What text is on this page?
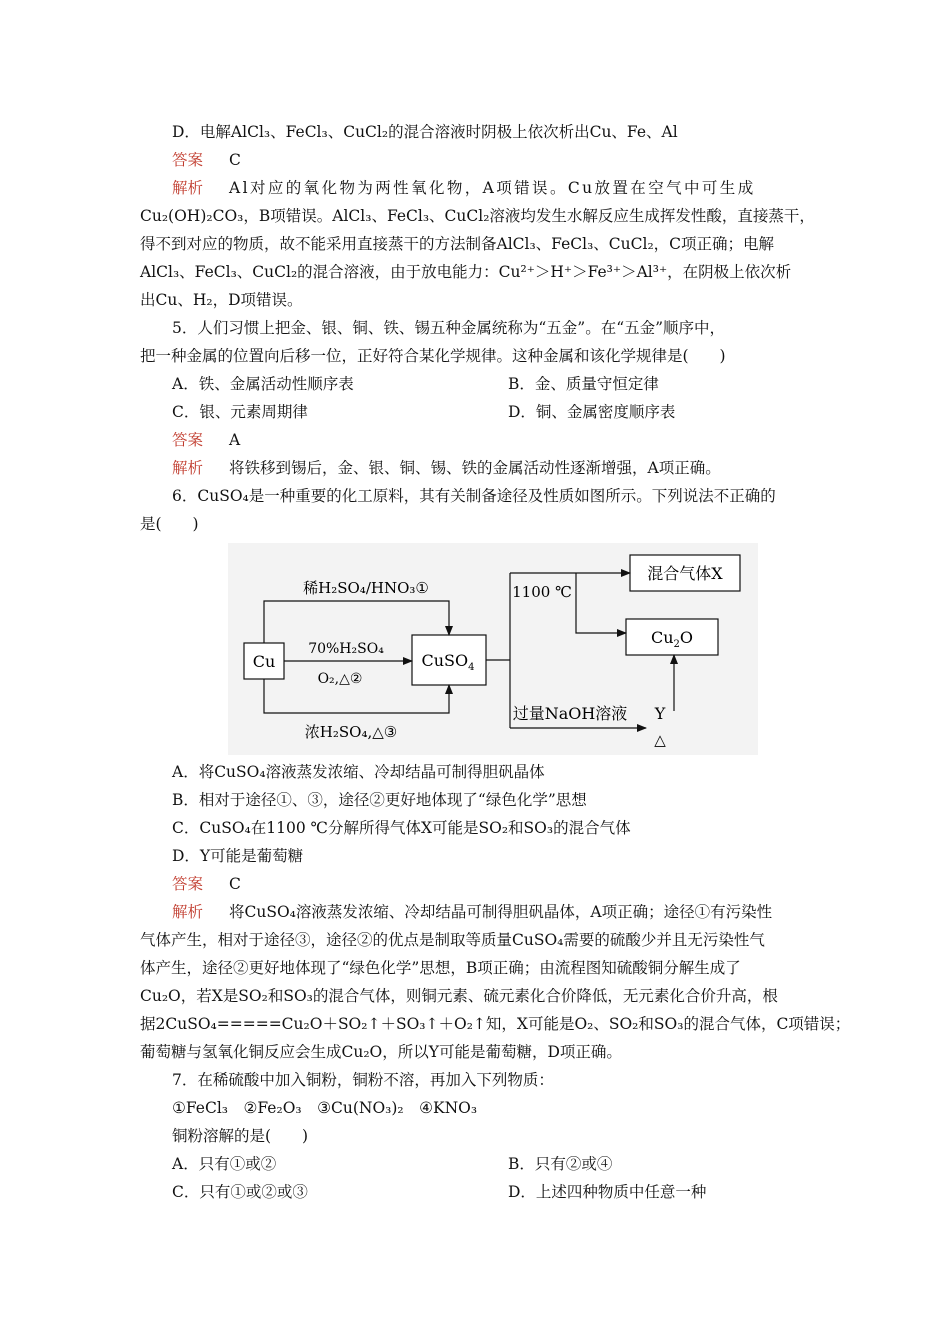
D．电解AlCl₃、FeCl₃、CuCl₂的混合溶液时阴极上依次析出Cu、Fe、Al
答案 C
解析 Al对应的氧化物为两性氧化物，A项错误。Cu放置在空气中可生成
Cu₂(OH)₂CO₃，B项错误。AlCl₃、FeCl₃、CuCl₂溶液均发生水解反应生成挥发性酸，直接蒸干，
得不到对应的物质，故不能采用直接蒸干的方法制备AlCl₃、FeCl₃、CuCl₂，C项正确；电解
AlCl₃、FeCl₃、CuCl₂的混合溶液，由于放电能力：Cu²⁺＞H⁺＞Fe³⁺＞Al³⁺，在阴极上依次析
出Cu、H₂，D项错误。
5．人们习惯上把金、银、铜、铁、锡五种金属统称为“五金”。在“五金”顺序中，
把一种金属的位置向后移一位，正好符合某化学规律。这种金属和该化学规律是(　　)
A．铁、金属活动性顺序表	B．金、质量守恒定律
C．银、元素周期律	D．铜、金属密度顺序表
答案 A
解析 将铁移到锡后，金、银、铜、锡、铁的金属活动性逐渐增强，A项正确。
6．CuSO₄是一种重要的化工原料，其有关制备途径及性质如图所示。下列说法不正确的
是(　　)
Cu	CuSO$_4$
混合气体X
$Cu_2O$
稀H₂SO₄/HNO₃①
70%H₂SO₄
O₂,△②
浓H₂SO₄,△③
1100 ℃
过量NaOH溶液 Y
△
A．将CuSO₄溶液蒸发浓缩、冷却结晶可制得胆矾晶体
B．相对于途径①、③，途径②更好地体现了“绿色化学”思想
C．CuSO₄在1100 ℃分解所得气体X可能是SO₂和SO₃的混合气体
D．Y可能是葡萄糖
答案 C
解析 将CuSO₄溶液蒸发浓缩、冷却结晶可制得胆矾晶体，A项正确；途径①有污染性
气体产生，相对于途径③，途径②的优点是制取等质量CuSO₄需要的硫酸少并且无污染性气
体产生，途径②更好地体现了“绿色化学”思想，B项正确；由流程图知硫酸铜分解生成了
Cu₂O，若X是SO₂和SO₃的混合气体，则铜元素、硫元素化合价降低，无元素化合价升高，根
据2CuSO₄=====Cu₂O＋SO₂↑＋SO₃↑＋O₂↑知，X可能是O₂、SO₂和SO₃的混合气体，C项错误；
葡萄糖与氢氧化铜反应会生成Cu₂O，所以Y可能是葡萄糖，D项正确。
7．在稀硫酸中加入铜粉，铜粉不溶，再加入下列物质：
①FeCl₃　②Fe₂O₃　③Cu(NO₃)₂　④KNO₃
铜粉溶解的是(　　)
A．只有①或②	B．只有②或④
C．只有①或②或③	D．上述四种物质中任意一种
